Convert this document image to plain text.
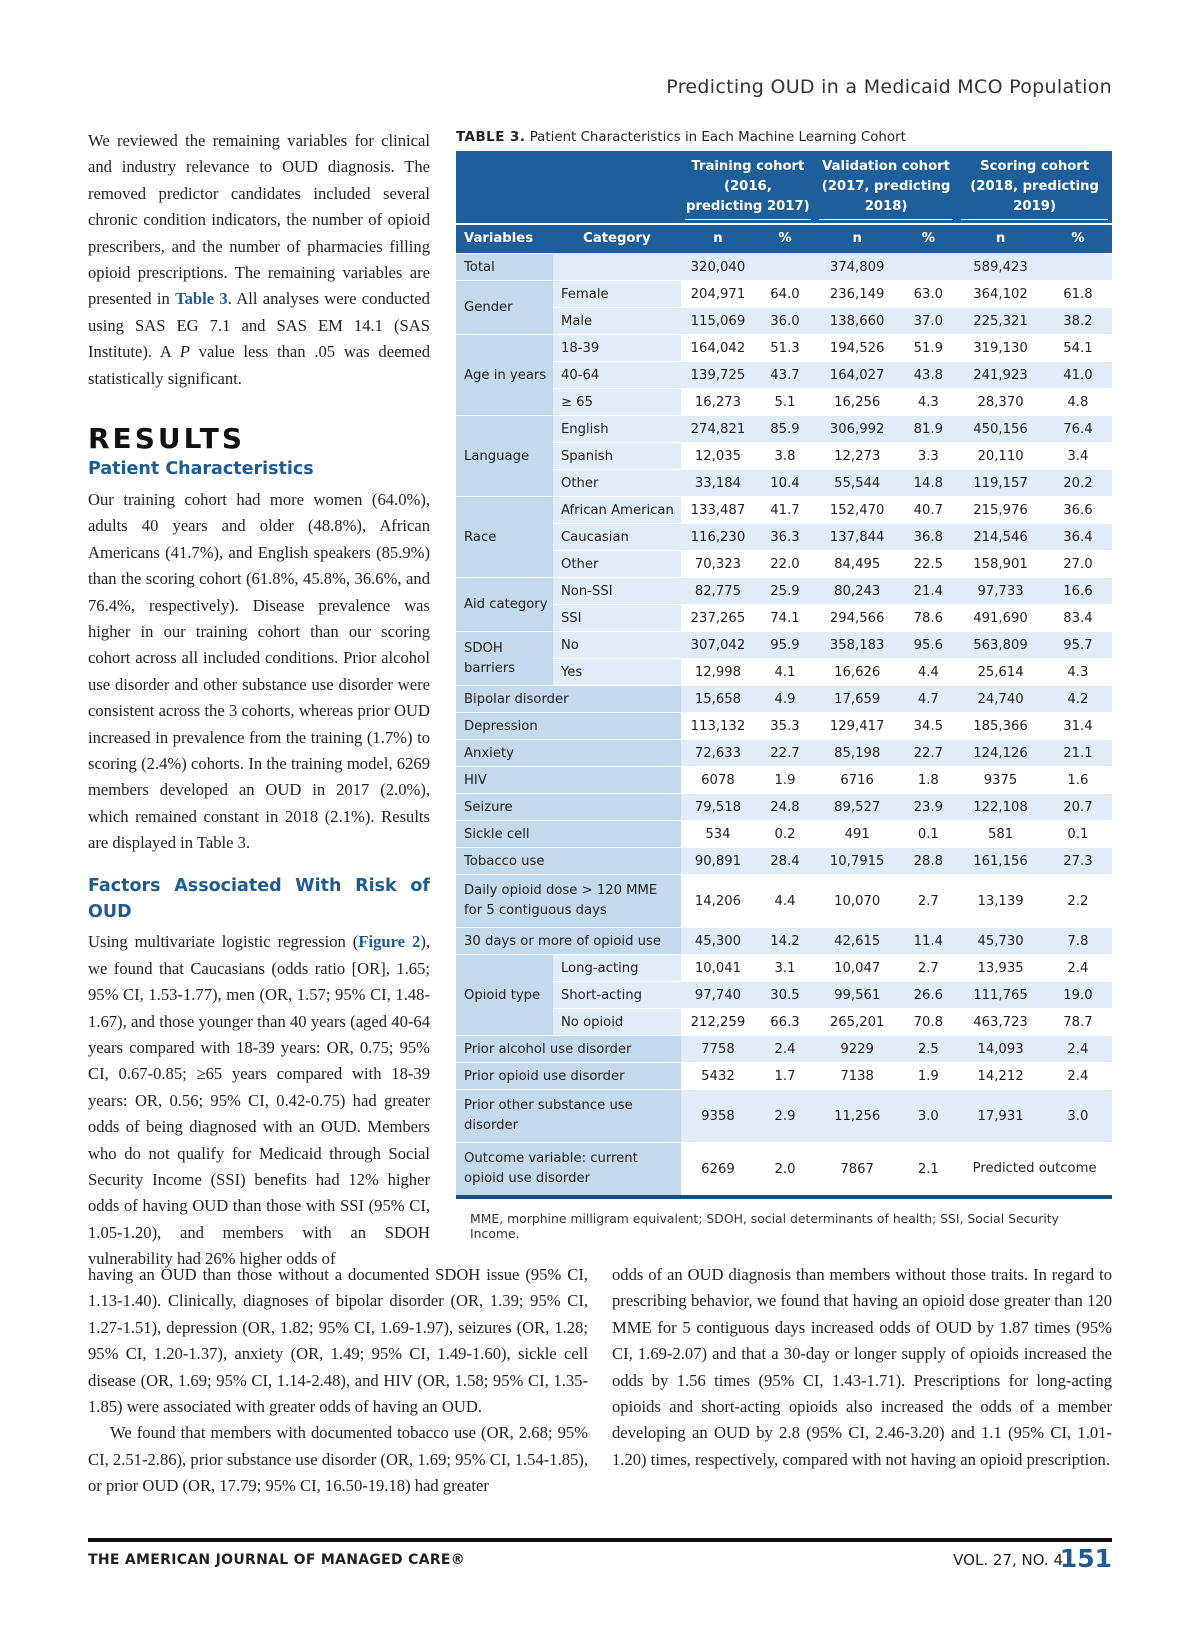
Predicting OUD in a Medicaid MCO Population

We reviewed the remaining variables for clinical and industry relevance to OUD diagnosis. The removed predictor candidates included several chronic condition indicators, the number of opioid prescribers, and the number of pharmacies filling opioid prescriptions. The remaining variables are presented in Table 3. All analyses were conducted using SAS EG 7.1 and SAS EM 14.1 (SAS Institute). A P value less than .05 was deemed statistically significant.

RESULTS
Patient Characteristics

Our training cohort had more women (64.0%), adults 40 years and older (48.8%), African Americans (41.7%), and English speakers (85.9%) than the scoring cohort (61.8%, 45.8%, 36.6%, and 76.4%, respectively). Disease prevalence was higher in our training cohort than our scoring cohort across all included conditions. Prior alcohol use disorder and other substance use disorder were consistent across the 3 cohorts, whereas prior OUD increased in prevalence from the training (1.7%) to scoring (2.4%) cohorts. In the training model, 6269 members developed an OUD in 2017 (2.0%), which remained constant in 2018 (2.1%). Results are displayed in Table 3.

Factors Associated With Risk of OUD

Using multivariate logistic regression (Figure 2), we found that Caucasians (odds ratio [OR], 1.65; 95% CI, 1.53-1.77), men (OR, 1.57; 95% CI, 1.48-1.67), and those younger than 40 years (aged 40-64 years compared with 18-39 years: OR, 0.75; 95% CI, 0.67-0.85; ≥65 years compared with 18-39 years: OR, 0.56; 95% CI, 0.42-0.75) had greater odds of being diagnosed with an OUD. Members who do not qualify for Medicaid through Social Security Income (SSI) benefits had 12% higher odds of having OUD than those with SSI (95% CI, 1.05-1.20), and members with an SDOH vulnerability had 26% higher odds of

TABLE 3. Patient Characteristics in Each Machine Learning Cohort

		Training cohort (2016, predicting 2017)		Validation cohort (2017, predicting 2018)		Scoring cohort (2018, predicting 2019)	

Variables	Category	n	%	n	%	n	%
Total		320,040		374,809		589,423	
Gender	Female	204,971	64.0	236,149	63.0	364,102	61.8
	Male	115,069	36.0	138,660	37.0	225,321	38.2
Age in years	18-39	164,042	51.3	194,526	51.9	319,130	54.1
	40-64	139,725	43.7	164,027	43.8	241,923	41.0
	≥ 65	16,273	5.1	16,256	4.3	28,370	4.8
Language	English	274,821	85.9	306,992	81.9	450,156	76.4
	Spanish	12,035	3.8	12,273	3.3	20,110	3.4
	Other	33,184	10.4	55,544	14.8	119,157	20.2
Race	African American	133,487	41.7	152,470	40.7	215,976	36.6
	Caucasian	116,230	36.3	137,844	36.8	214,546	36.4
	Other	70,323	22.0	84,495	22.5	158,901	27.0
Aid category	Non-SSI	82,775	25.9	80,243	21.4	97,733	16.6
	SSI	237,265	74.1	294,566	78.6	491,690	83.4
SDOH barriers	No	307,042	95.9	358,183	95.6	563,809	95.7
	Yes	12,998	4.1	16,626	4.4	25,614	4.3
Bipolar disorder		15,658	4.9	17,659	4.7	24,740	4.2
Depression		113,132	35.3	129,417	34.5	185,366	31.4
Anxiety		72,633	22.7	85,198	22.7	124,126	21.1
HIV		6078	1.9	6716	1.8	9375	1.6
Seizure		79,518	24.8	89,527	23.9	122,108	20.7
Sickle cell		534	0.2	491	0.1	581	0.1
Tobacco use		90,891	28.4	10,7915	28.8	161,156	27.3
Daily opioid dose > 120 MME for 5 contiguous days		14,206	4.4	10,070	2.7	13,139	2.2
30 days or more of opioid use		45,300	14.2	42,615	11.4	45,730	7.8
Opioid type	Long-acting	10,041	3.1	10,047	2.7	13,935	2.4
	Short-acting	97,740	30.5	99,561	26.6	111,765	19.0
	No opioid	212,259	66.3	265,201	70.8	463,723	78.7
Prior alcohol use disorder		7758	2.4	9229	2.5	14,093	2.4
Prior opioid use disorder		5432	1.7	7138	1.9	14,212	2.4
Prior other substance use disorder		9358	2.9	11,256	3.0	17,931	3.0
Outcome variable: current opioid use disorder		6269	2.0	7867	2.1	Predicted outcome	
MME, morphine milligram equivalent; SDOH, social determinants of health; SSI, Social Security Income.

having an OUD than those without a documented SDOH issue (95% CI, 1.13-1.40). Clinically, diagnoses of bipolar disorder (OR, 1.39; 95% CI, 1.27-1.51), depression (OR, 1.82; 95% CI, 1.69-1.97), seizures (OR, 1.28; 95% CI, 1.20-1.37), anxiety (OR, 1.49; 95% CI, 1.49-1.60), sickle cell disease (OR, 1.69; 95% CI, 1.14-2.48), and HIV (OR, 1.58; 95% CI, 1.35-1.85) were associated with greater odds of having an OUD.

We found that members with documented tobacco use (OR, 2.68; 95% CI, 2.51-2.86), prior substance use disorder (OR, 1.69; 95% CI, 1.54-1.85), or prior OUD (OR, 17.79; 95% CI, 16.50-19.18) had greater

odds of an OUD diagnosis than members without those traits. In regard to prescribing behavior, we found that having an opioid dose greater than 120 MME for 5 contiguous days increased odds of OUD by 1.87 times (95% CI, 1.69-2.07) and that a 30-day or longer supply of opioids increased the odds by 1.56 times (95% CI, 1.43-1.71). Prescriptions for long-acting opioids and short-acting opioids also increased the odds of a member developing an OUD by 2.8 (95% CI, 2.46-3.20) and 1.1 (95% CI, 1.01-1.20) times, respectively, compared with not having an opioid prescription.

THE AMERICAN JOURNAL OF MANAGED CARE®	VOL. 27, NO. 4
151
